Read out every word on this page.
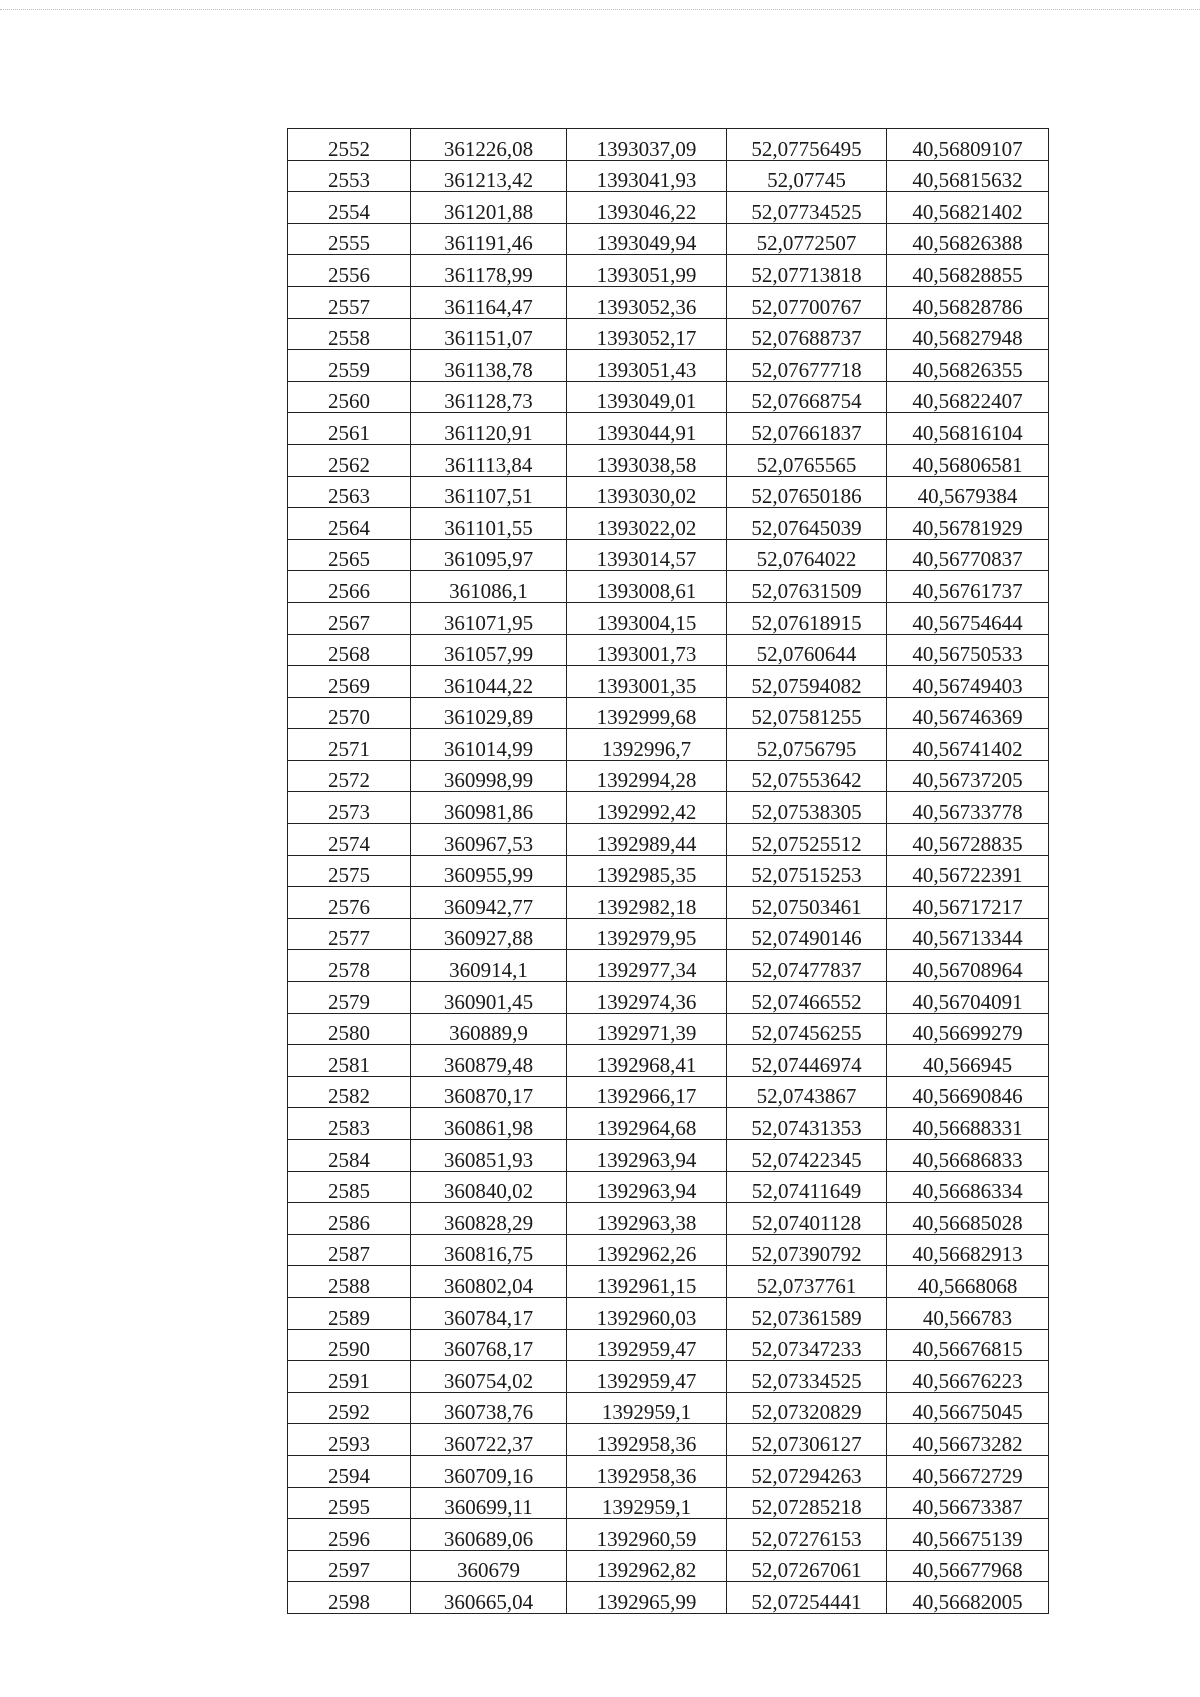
2552	361226,08	1393037,09	52,07756495	40,56809107
2553	361213,42	1393041,93	52,07745	40,56815632
2554	361201,88	1393046,22	52,07734525	40,56821402
2555	361191,46	1393049,94	52,0772507	40,56826388
2556	361178,99	1393051,99	52,07713818	40,56828855
2557	361164,47	1393052,36	52,07700767	40,56828786
2558	361151,07	1393052,17	52,07688737	40,56827948
2559	361138,78	1393051,43	52,07677718	40,56826355
2560	361128,73	1393049,01	52,07668754	40,56822407
2561	361120,91	1393044,91	52,07661837	40,56816104
2562	361113,84	1393038,58	52,0765565	40,56806581
2563	361107,51	1393030,02	52,07650186	40,5679384
2564	361101,55	1393022,02	52,07645039	40,56781929
2565	361095,97	1393014,57	52,0764022	40,56770837
2566	361086,1	1393008,61	52,07631509	40,56761737
2567	361071,95	1393004,15	52,07618915	40,56754644
2568	361057,99	1393001,73	52,0760644	40,56750533
2569	361044,22	1393001,35	52,07594082	40,56749403
2570	361029,89	1392999,68	52,07581255	40,56746369
2571	361014,99	1392996,7	52,0756795	40,56741402
2572	360998,99	1392994,28	52,07553642	40,56737205
2573	360981,86	1392992,42	52,07538305	40,56733778
2574	360967,53	1392989,44	52,07525512	40,56728835
2575	360955,99	1392985,35	52,07515253	40,56722391
2576	360942,77	1392982,18	52,07503461	40,56717217
2577	360927,88	1392979,95	52,07490146	40,56713344
2578	360914,1	1392977,34	52,07477837	40,56708964
2579	360901,45	1392974,36	52,07466552	40,56704091
2580	360889,9	1392971,39	52,07456255	40,56699279
2581	360879,48	1392968,41	52,07446974	40,566945
2582	360870,17	1392966,17	52,0743867	40,56690846
2583	360861,98	1392964,68	52,07431353	40,56688331
2584	360851,93	1392963,94	52,07422345	40,56686833
2585	360840,02	1392963,94	52,07411649	40,56686334
2586	360828,29	1392963,38	52,07401128	40,56685028
2587	360816,75	1392962,26	52,07390792	40,56682913
2588	360802,04	1392961,15	52,0737761	40,5668068
2589	360784,17	1392960,03	52,07361589	40,566783
2590	360768,17	1392959,47	52,07347233	40,56676815
2591	360754,02	1392959,47	52,07334525	40,56676223
2592	360738,76	1392959,1	52,07320829	40,56675045
2593	360722,37	1392958,36	52,07306127	40,56673282
2594	360709,16	1392958,36	52,07294263	40,56672729
2595	360699,11	1392959,1	52,07285218	40,56673387
2596	360689,06	1392960,59	52,07276153	40,56675139
2597	360679	1392962,82	52,07267061	40,56677968
2598	360665,04	1392965,99	52,07254441	40,56682005
